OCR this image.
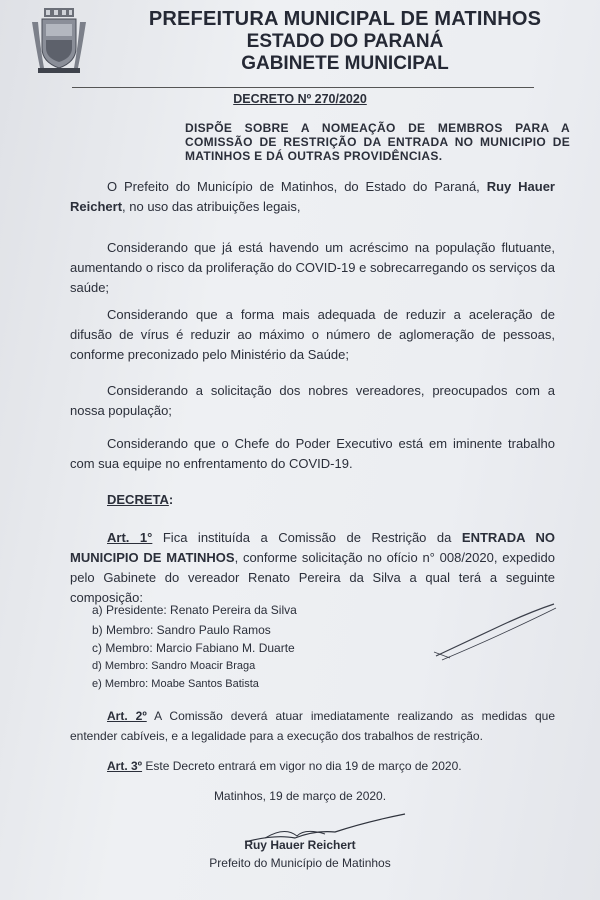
PREFEITURA MUNICIPAL DE MATINHOS
ESTADO DO PARANÁ
GABINETE MUNICIPAL
DECRETO Nº 270/2020
DISPÕE SOBRE A NOMEAÇÃO DE MEMBROS PARA A COMISSÃO DE RESTRIÇÃO DA ENTRADA NO MUNICIPIO DE MATINHOS E DÁ OUTRAS PROVIDÊNCIAS.
O Prefeito do Município de Matinhos, do Estado do Paraná, Ruy Hauer Reichert, no uso das atribuições legais,
Considerando que já está havendo um acréscimo na população flutuante, aumentando o risco da proliferação do COVID-19 e sobrecarregando os serviços da saúde;
Considerando que a forma mais adequada de reduzir a aceleração de difusão de vírus é reduzir ao máximo o número de aglomeração de pessoas, conforme preconizado pelo Ministério da Saúde;
Considerando a solicitação dos nobres vereadores, preocupados com a nossa população;
Considerando que o Chefe do Poder Executivo está em iminente trabalho com sua equipe no enfrentamento do COVID-19.
DECRETA:
Art. 1° Fica instituída a Comissão de Restrição da ENTRADA NO MUNICIPIO DE MATINHOS, conforme solicitação no ofício n° 008/2020, expedido pelo Gabinete do vereador Renato Pereira da Silva a qual terá a seguinte composição:
a) Presidente: Renato Pereira da Silva
b) Membro: Sandro Paulo Ramos
c) Membro: Marcio Fabiano M. Duarte
d) Membro: Sandro Moacir Braga
e) Membro: Moabe Santos Batista
Art. 2º A Comissão deverá atuar imediatamente realizando as medidas que entender cabíveis, e a legalidade para a execução dos trabalhos de restrição.
Art. 3º Este Decreto entrará em vigor no dia 19 de março de 2020.
Matinhos, 19 de março de 2020.
Ruy Hauer Reichert
Prefeito do Município de Matinhos
